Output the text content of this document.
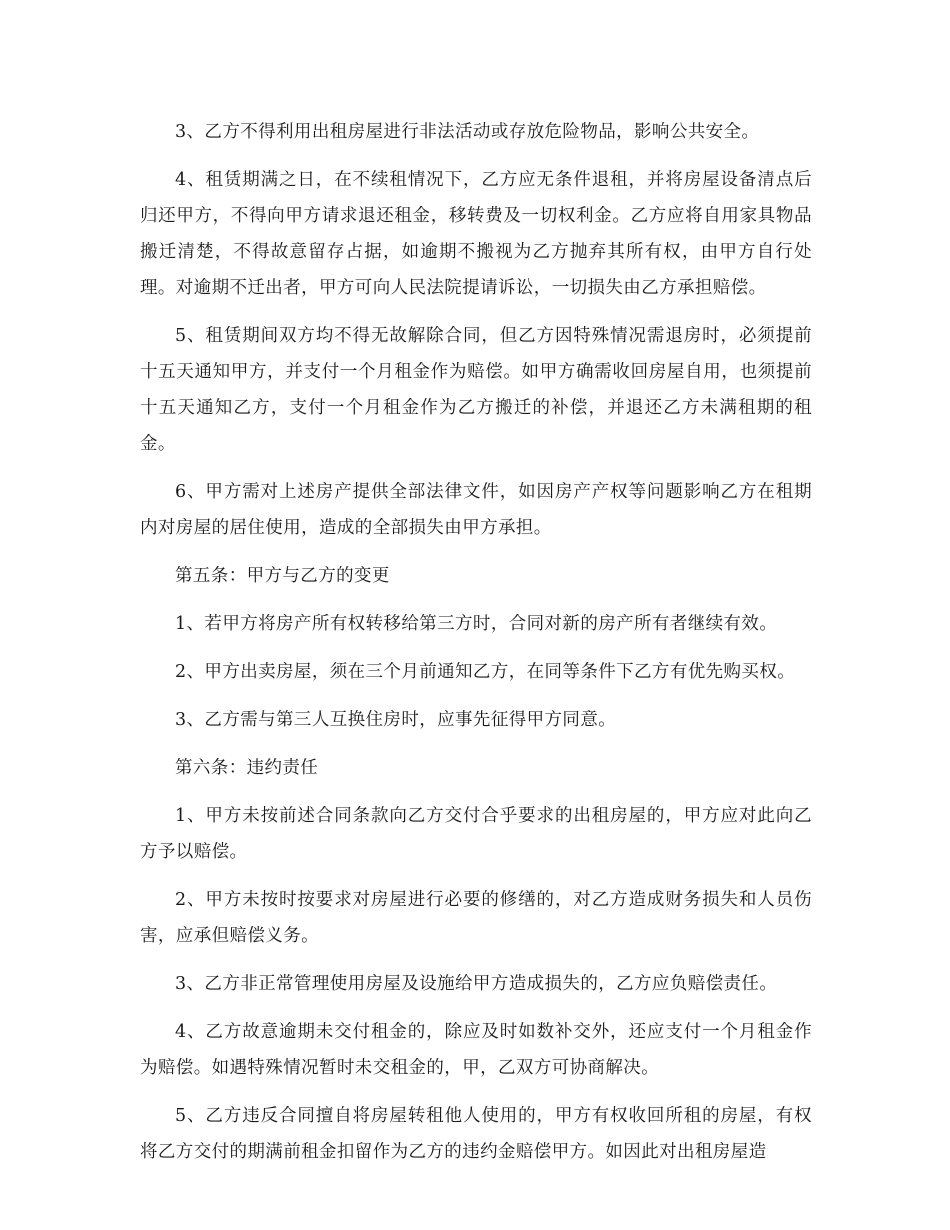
3、乙方不得利用出租房屋进行非法活动或存放危险物品，影响公共安全。

4、租赁期满之日，在不续租情况下，乙方应无条件退租，并将房屋设备清点后归还甲方，不得向甲方请求退还租金，移转费及一切权利金。乙方应将自用家具物品搬迁清楚，不得故意留存占据，如逾期不搬视为乙方抛弃其所有权，由甲方自行处理。对逾期不迁出者，甲方可向人民法院提请诉讼，一切损失由乙方承担赔偿。

5、租赁期间双方均不得无故解除合同，但乙方因特殊情况需退房时，必须提前十五天通知甲方，并支付一个月租金作为赔偿。如甲方确需收回房屋自用，也须提前十五天通知乙方，支付一个月租金作为乙方搬迁的补偿，并退还乙方未满租期的租金。

6、甲方需对上述房产提供全部法律文件，如因房产产权等问题影响乙方在租期内对房屋的居住使用，造成的全部损失由甲方承担。

第五条：甲方与乙方的变更

1、若甲方将房产所有权转移给第三方时，合同对新的房产所有者继续有效。

2、甲方出卖房屋，须在三个月前通知乙方，在同等条件下乙方有优先购买权。

3、乙方需与第三人互换住房时，应事先征得甲方同意。

第六条：违约责任

1、甲方未按前述合同条款向乙方交付合乎要求的出租房屋的，甲方应对此向乙方予以赔偿。

2、甲方未按时按要求对房屋进行必要的修缮的，对乙方造成财务损失和人员伤害，应承但赔偿义务。

3、乙方非正常管理使用房屋及设施给甲方造成损失的，乙方应负赔偿责任。

4、乙方故意逾期未交付租金的，除应及时如数补交外，还应支付一个月租金作为赔偿。如遇特殊情况暂时未交租金的，甲，乙双方可协商解决。

5、乙方违反合同擅自将房屋转租他人使用的，甲方有权收回所租的房屋，有权将乙方交付的期满前租金扣留作为乙方的违约金赔偿甲方。如因此对出租房屋造
